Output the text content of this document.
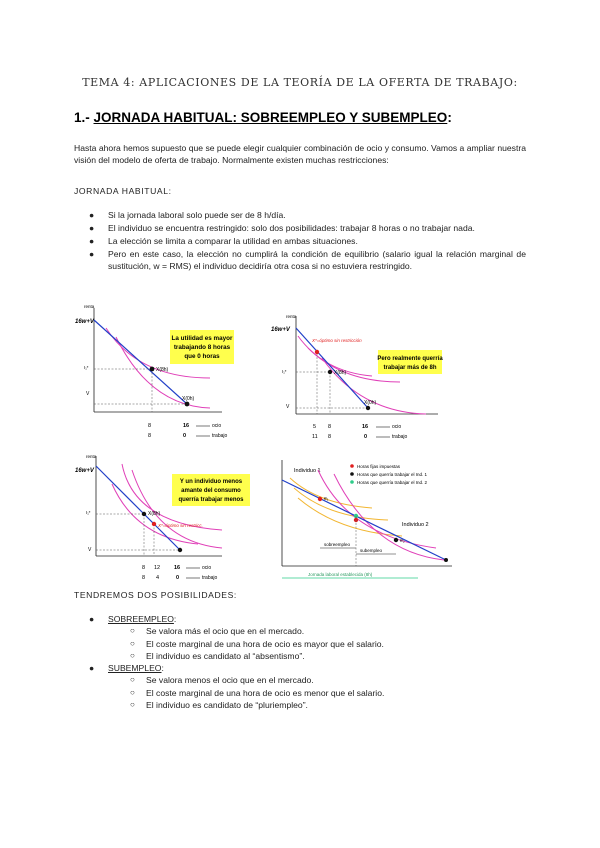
TEMA 4: APLICACIONES DE LA TEORÍA DE LA OFERTA DE TRABAJO:
1.- JORNADA HABITUAL: SOBREEMPLEO Y SUBEMPLEO:
Hasta ahora hemos supuesto que se puede elegir cualquier combinación de ocio y consumo. Vamos a ampliar nuestra visión del modelo de oferta de trabajo. Normalmente existen muchas restricciones:
JORNADA HABITUAL:
● Si la jornada laboral solo puede ser de 8 h/día.
● El individuo se encuentra restringido: solo dos posibilidades: trabajar 8 horas o no trabajar nada.
● La elección se limita a comparar la utilidad en ambas situaciones.
● Pero en este caso, la elección no cumplirá la condición de equilibrio (salario igual la relación marginal de sustitución, w = RMS) el individuo decidiría otra cosa si no estuviera restringido.
renta
16w+V
I₁*
V
X(8h)
X(0h)
La utilidad es mayor
trabajando 8 horas
que 0 horas
8	16	ocio
8	0	trabajo
renta
16w+V
I₁*
V
X*=óptimo sin restricción
X(8h)
X(0h)
Pero realmente querría
trabajar más de 8h
5 8	16	ocio
11 8	0	trabajo
renta
16w+V
I₁*
V
X(8h)
X*=óptimo sin restricc.
Y un individuo menos
amante del consumo
querría trabajar menos
8 12	16	ocio
8 4	0	trabajo
Individuo 1
Individuo 2
Horas fijas impuestas
Horas que querría trabajar el Ind. 1
Horas que querría trabajar el Ind. 2
e₁
e₂
sobreempleo
subempleo
Jornada laboral establecida (8h)
TENDREMOS DOS POSIBILIDADES:
● SOBREEMPLEO:
○ Se valora más el ocio que en el mercado.
○ El coste marginal de una hora de ocio es mayor que el salario.
○ El individuo es candidato al “absentismo”.
● SUBEMPLEO:
○ Se valora menos el ocio que en el mercado.
○ El coste marginal de una hora de ocio es menor que el salario.
○ El individuo es candidato de “pluriempleo”.
